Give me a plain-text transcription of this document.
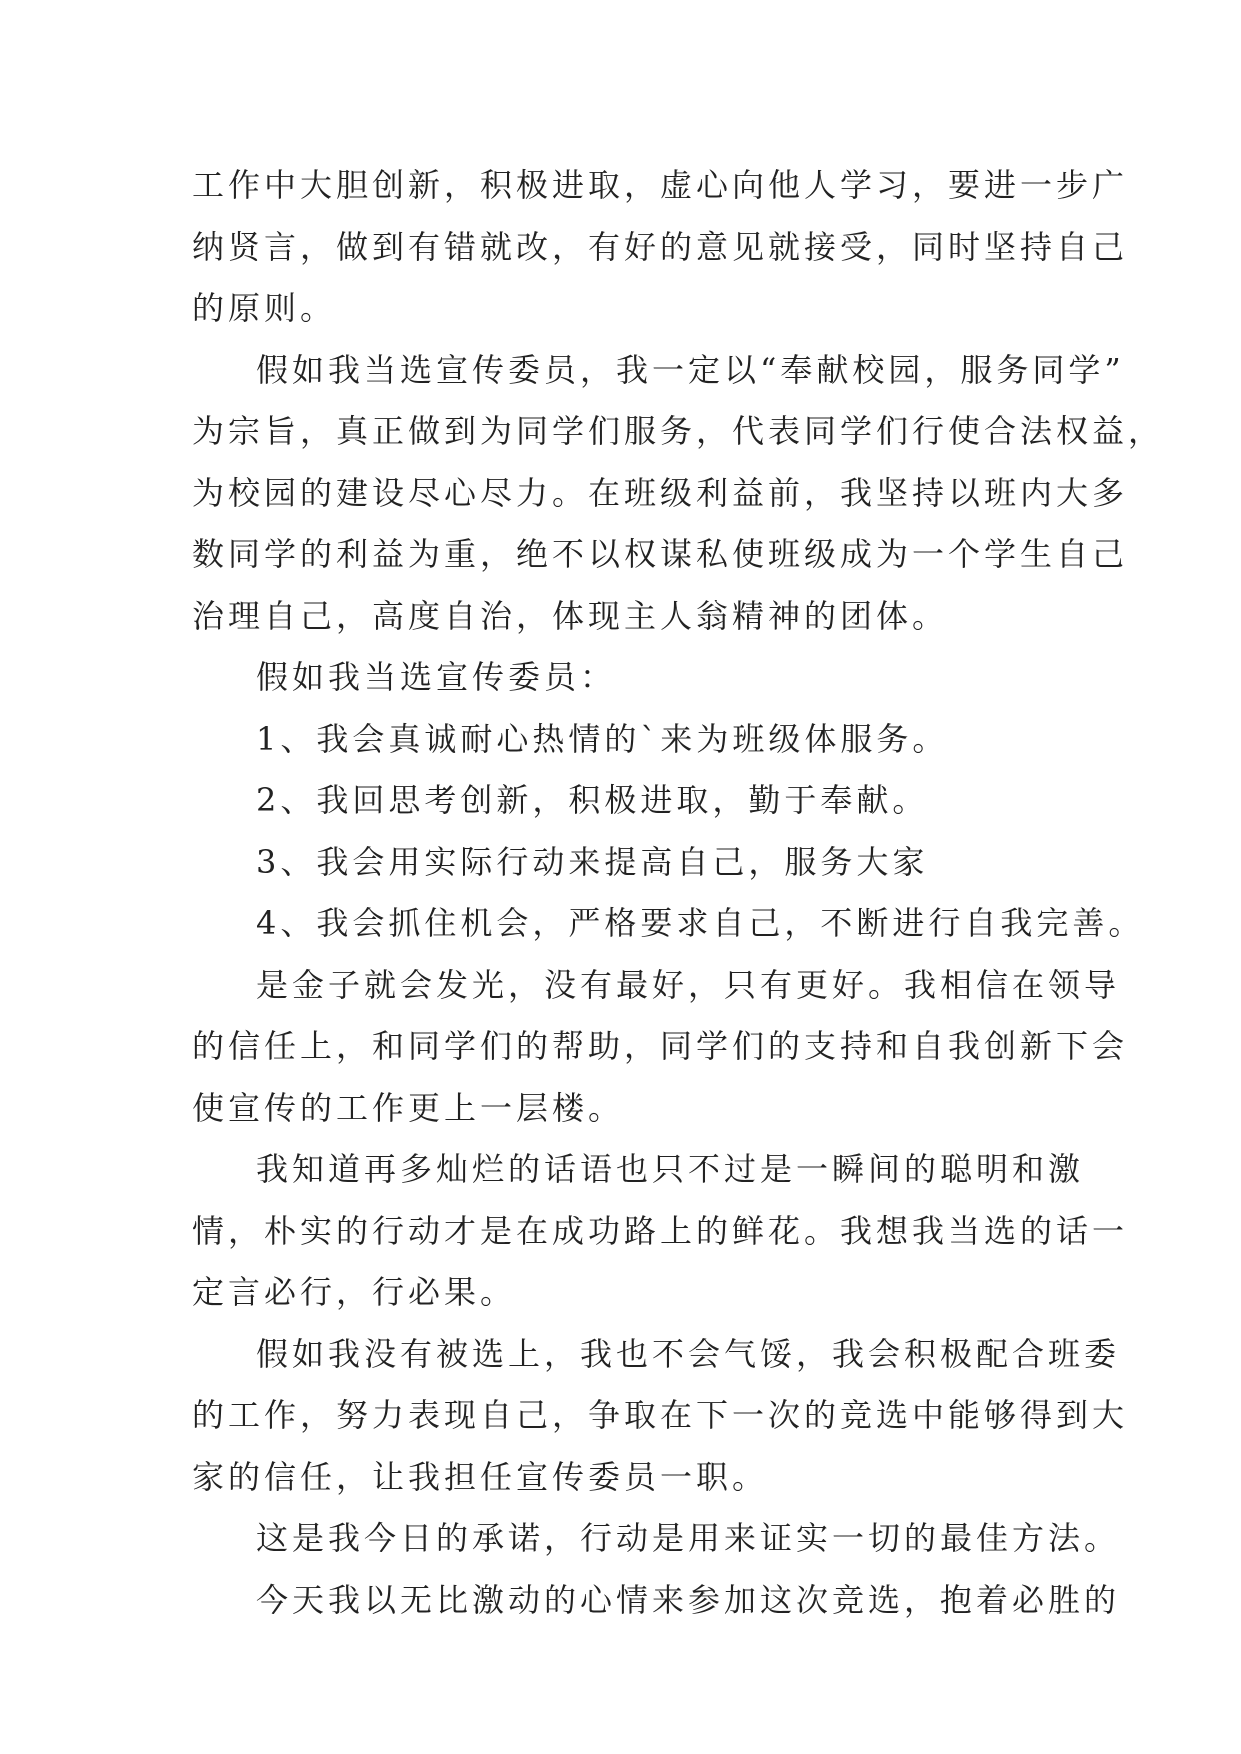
工作中大胆创新，积极进取，虚心向他人学习，要进一步广
纳贤言，做到有错就改，有好的意见就接受，同时坚持自己
的原则。
假如我当选宣传委员，我一定以“奉献校园，服务同学”
为宗旨，真正做到为同学们服务，代表同学们行使合法权益，
为校园的建设尽心尽力。在班级利益前，我坚持以班内大多
数同学的利益为重，绝不以权谋私使班级成为一个学生自己
治理自己，高度自治，体现主人翁精神的团体。
假如我当选宣传委员：
1、我会真诚耐心热情的`来为班级体服务。
2、我回思考创新，积极进取，勤于奉献。
3、我会用实际行动来提高自己，服务大家
4、我会抓住机会，严格要求自己，不断进行自我完善。
是金子就会发光，没有最好，只有更好。我相信在领导
的信任上，和同学们的帮助，同学们的支持和自我创新下会
使宣传的工作更上一层楼。
我知道再多灿烂的话语也只不过是一瞬间的聪明和激
情，朴实的行动才是在成功路上的鲜花。我想我当选的话一
定言必行，行必果。
假如我没有被选上，我也不会气馁，我会积极配合班委
的工作，努力表现自己，争取在下一次的竞选中能够得到大
家的信任，让我担任宣传委员一职。
这是我今日的承诺，行动是用来证实一切的最佳方法。
今天我以无比激动的心情来参加这次竞选，抱着必胜的
